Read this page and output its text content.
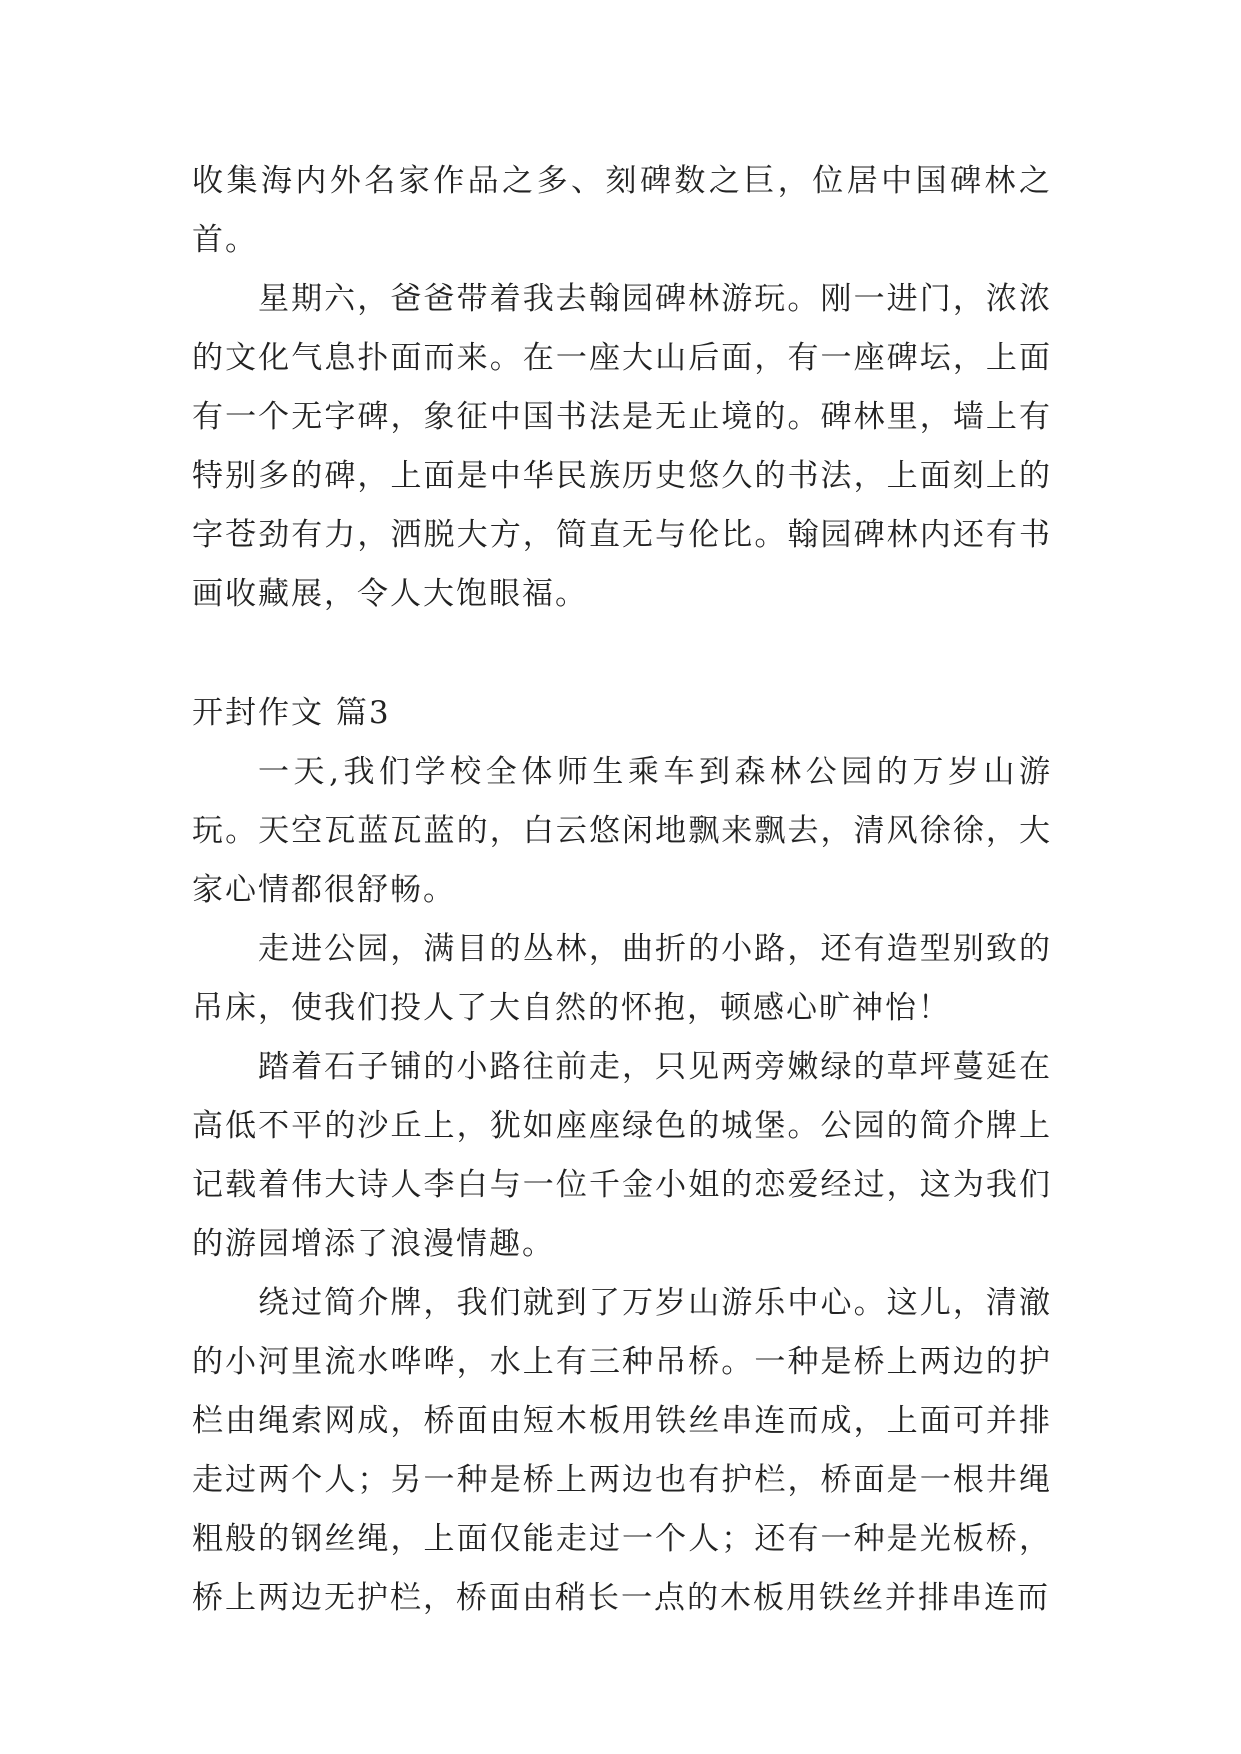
收集海内外名家作品之多、刻碑数之巨，位居中国碑林之首。

星期六，爸爸带着我去翰园碑林游玩。刚一进门，浓浓的文化气息扑面而来。在一座大山后面，有一座碑坛，上面有一个无字碑，象征中国书法是无止境的。碑林里，墙上有特别多的碑，上面是中华民族历史悠久的书法，上面刻上的字苍劲有力，洒脱大方，简直无与伦比。翰园碑林内还有书画收藏展，令人大饱眼福。

开封作文 篇3

一天,我们学校全体师生乘车到森林公园的万岁山游玩。天空瓦蓝瓦蓝的，白云悠闲地飘来飘去，清风徐徐，大家心情都很舒畅。

走进公园，满目的丛林，曲折的小路，还有造型别致的吊床，使我们投人了大自然的怀抱，顿感心旷神怡！

踏着石子铺的小路往前走，只见两旁嫩绿的草坪蔓延在高低不平的沙丘上，犹如座座绿色的城堡。公园的简介牌上记载着伟大诗人李白与一位千金小姐的恋爱经过，这为我们的游园增添了浪漫情趣。

绕过简介牌，我们就到了万岁山游乐中心。这儿，清澈的小河里流水哗哗，水上有三种吊桥。一种是桥上两边的护栏由绳索网成，桥面由短木板用铁丝串连而成，上面可并排走过两个人；另一种是桥上两边也有护栏，桥面是一根井绳粗般的钢丝绳，上面仅能走过一个人；还有一种是光板桥，桥上两边无护栏，桥面由稍长一点的木板用铁丝并排串连而
